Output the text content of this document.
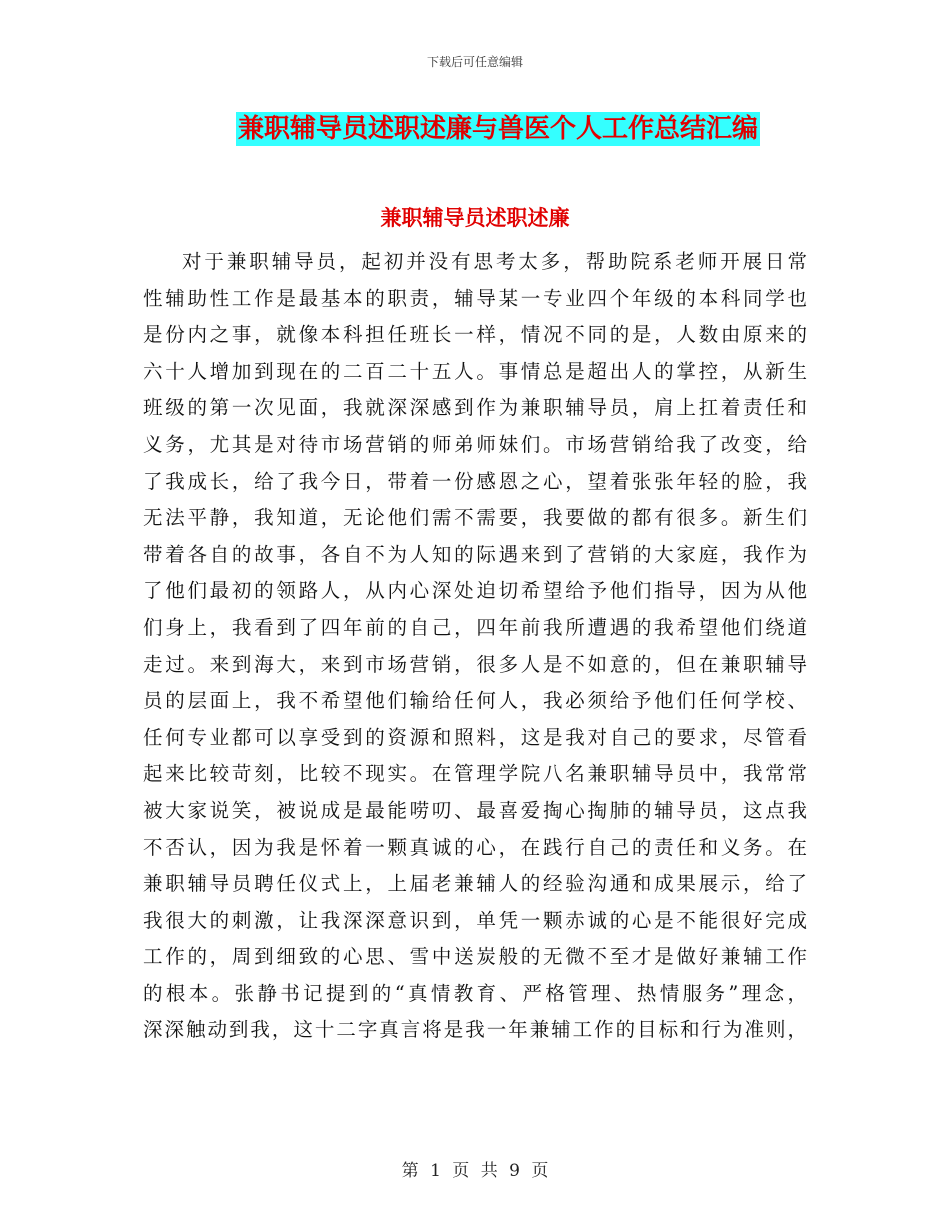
下载后可任意编辑
兼职辅导员述职述廉与兽医个人工作总结汇编
兼职辅导员述职述廉
对于兼职辅导员，起初并没有思考太多，帮助院系老师开展日常
性辅助性工作是最基本的职责，辅导某一专业四个年级的本科同学也
是份内之事，就像本科担任班长一样，情况不同的是，人数由原来的
六十人增加到现在的二百二十五人。事情总是超出人的掌控，从新生
班级的第一次见面，我就深深感到作为兼职辅导员，肩上扛着责任和
义务，尤其是对待市场营销的师弟师妹们。市场营销给我了改变，给
了我成长，给了我今日，带着一份感恩之心，望着张张年轻的脸，我
无法平静，我知道，无论他们需不需要，我要做的都有很多。新生们
带着各自的故事，各自不为人知的际遇来到了营销的大家庭，我作为
了他们最初的领路人，从内心深处迫切希望给予他们指导，因为从他
们身上，我看到了四年前的自己，四年前我所遭遇的我希望他们绕道
走过。来到海大，来到市场营销，很多人是不如意的，但在兼职辅导
员的层面上，我不希望他们输给任何人，我必须给予他们任何学校、
任何专业都可以享受到的资源和照料，这是我对自己的要求，尽管看
起来比较苛刻，比较不现实。在管理学院八名兼职辅导员中，我常常
被大家说笑，被说成是最能唠叨、最喜爱掏心掏肺的辅导员，这点我
不否认，因为我是怀着一颗真诚的心，在践行自己的责任和义务。在
兼职辅导员聘任仪式上，上届老兼辅人的经验沟通和成果展示，给了
我很大的刺激，让我深深意识到，单凭一颗赤诚的心是不能很好完成
工作的，周到细致的心思、雪中送炭般的无微不至才是做好兼辅工作
的根本。张静书记提到的“真情教育、严格管理、热情服务”理念，
深深触动到我，这十二字真言将是我一年兼辅工作的目标和行为准则，
第 1 页 共 9 页
